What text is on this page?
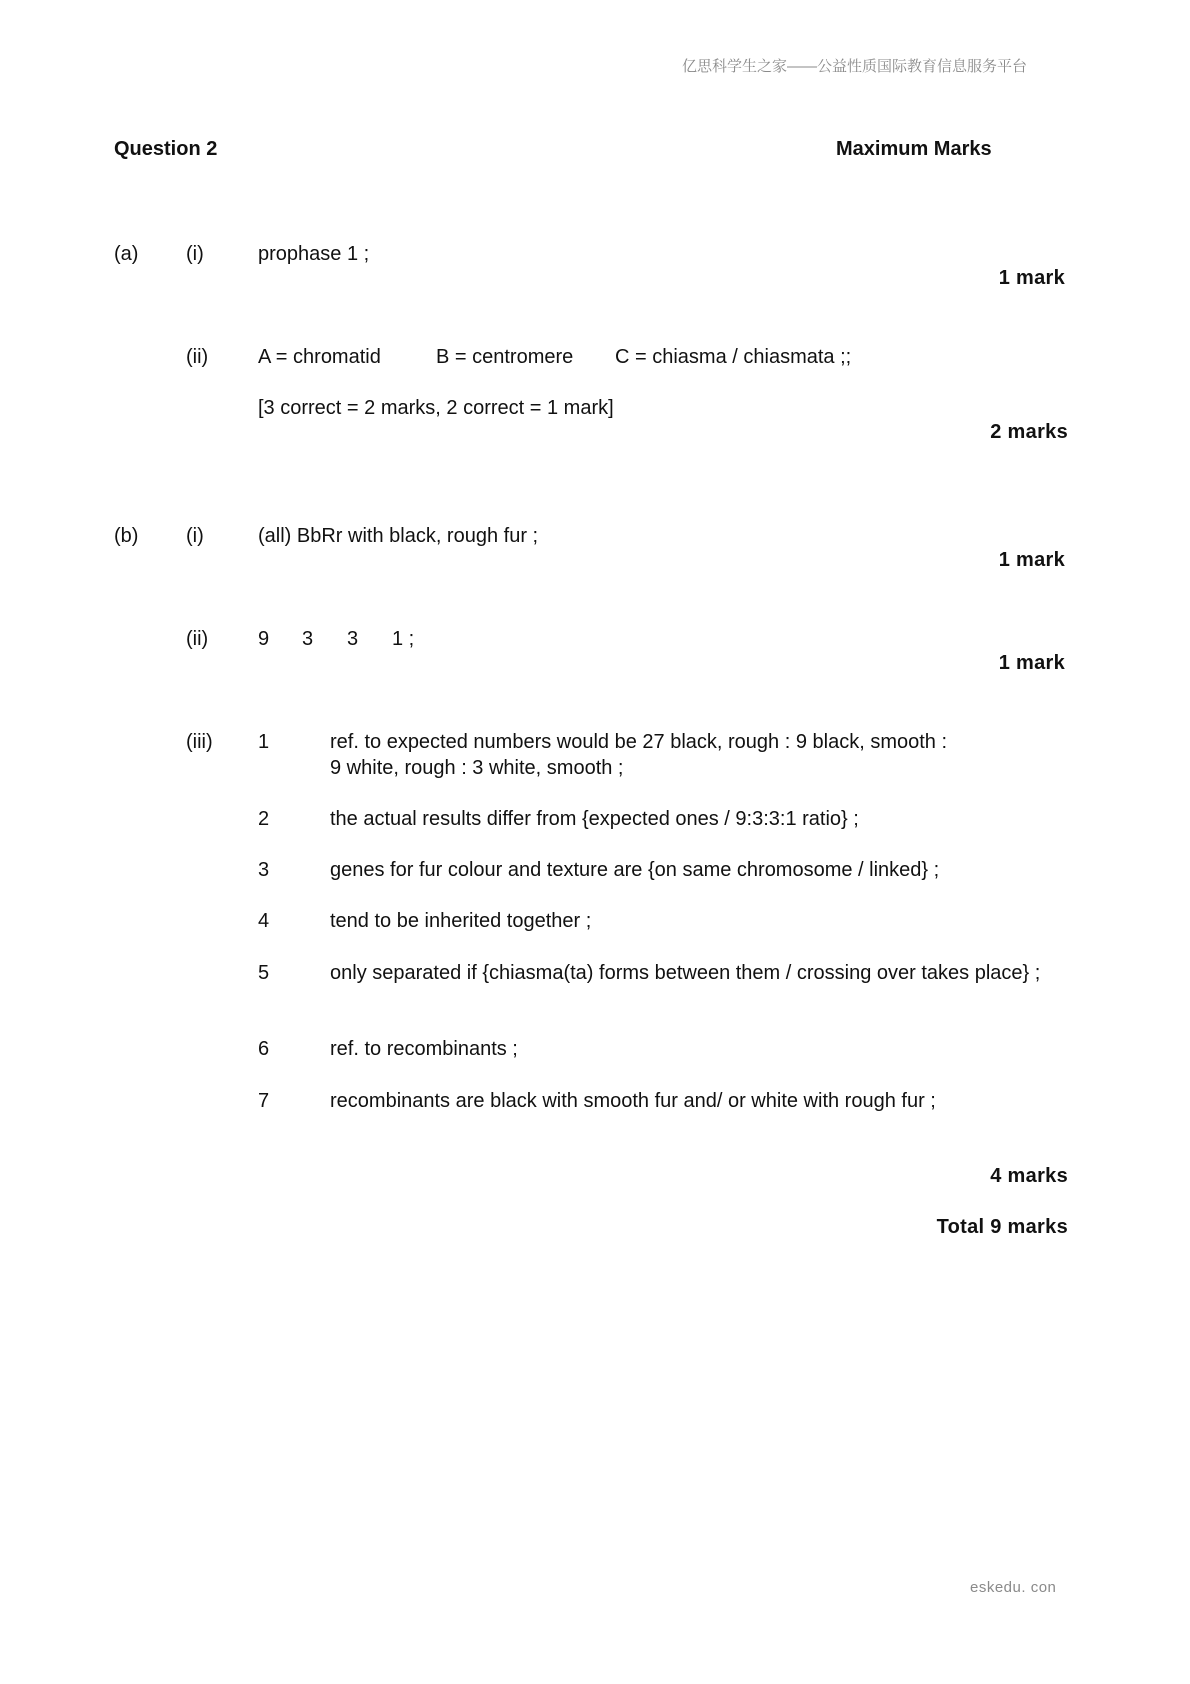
亿思科学生之家——公益性质国际教育信息服务平台
Question 2	Maximum Marks
(a) (i)	prophase 1 ;
1 mark
(ii) A = chromatid	B = centromere C = chiasma / chiasmata ;;
[3 correct = 2 marks, 2 correct = 1 mark]
2 marks
(b) (i)	(all) BbRr with black, rough fur ;
1 mark
(ii) 9 3 3 1 ;
1 mark
(iii) 1	ref. to expected numbers would be 27 black, rough : 9 black, smooth : 9 white, rough : 3 white, smooth ;
2	the actual results differ from {expected ones / 9:3:3:1 ratio} ;
3	genes for fur colour and texture are {on same chromosome / linked} ;
4	tend to be inherited together ;
5	only separated if {chiasma(ta) forms between them / crossing over takes place} ;
6	ref. to recombinants ;
7	recombinants are black with smooth fur and/ or white with rough fur ;
4 marks
Total 9 marks
eskedu. con
